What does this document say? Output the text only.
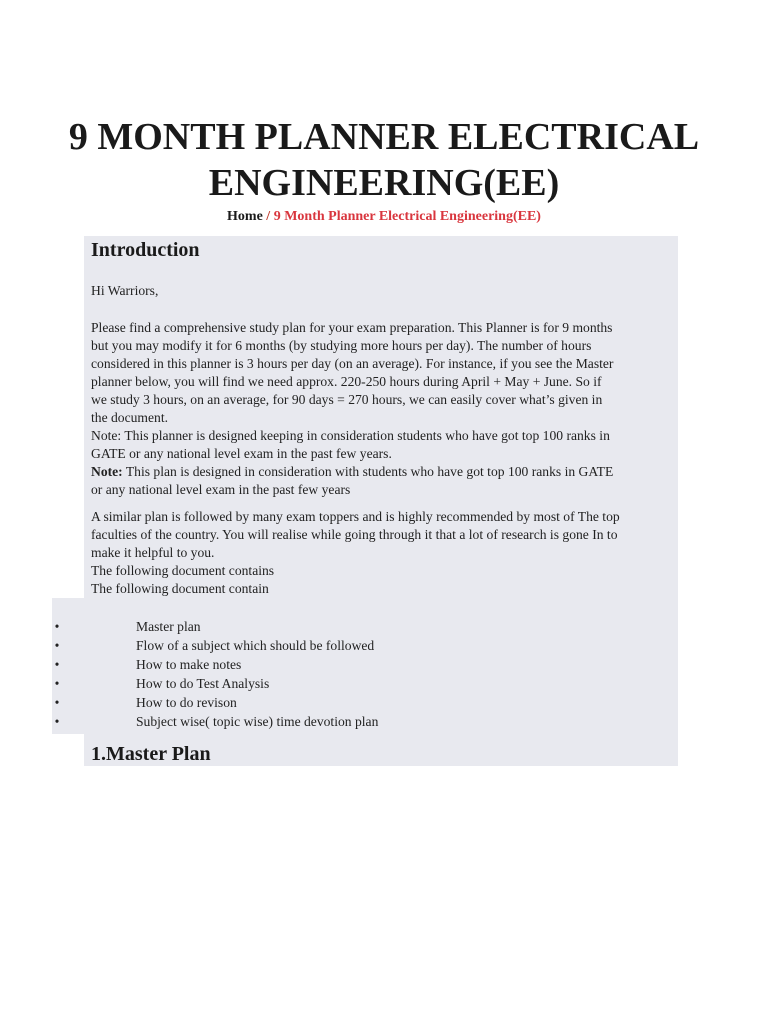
9 MONTH PLANNER ELECTRICAL
ENGINEERING(EE)
Home / 9 Month Planner Electrical Engineering(EE)
Introduction

Hi Warriors,

Please find a comprehensive study plan for your exam preparation. This Planner is for 9 months
but you may modify it for 6 months (by studying more hours per day). The number of hours
considered in this planner is 3 hours per day (on an average). For instance, if you see the Master
planner below, you will find we need approx. 220-250 hours during April + May + June. So if
we study 3 hours, on an average, for 90 days = 270 hours, we can easily cover what’s given in
the document.
Note: This planner is designed keeping in consideration students who have got top 100 ranks in
GATE or any national level exam in the past few years.
Note: This plan is designed in consideration with students who have got top 100 ranks in GATE
or any national level exam in the past few years
A similar plan is followed by many exam toppers and is highly recommended by most of The top
faculties of the country. You will realise while going through it that a lot of research is gone In to
make it helpful to you.
The following document contains
The following document contain
•	Master plan
•	Flow of a subject which should be followed
•	How to make notes
•	How to do Test Analysis
•	How to do revison
•	Subject wise( topic wise) time devotion plan
1.Master Plan
